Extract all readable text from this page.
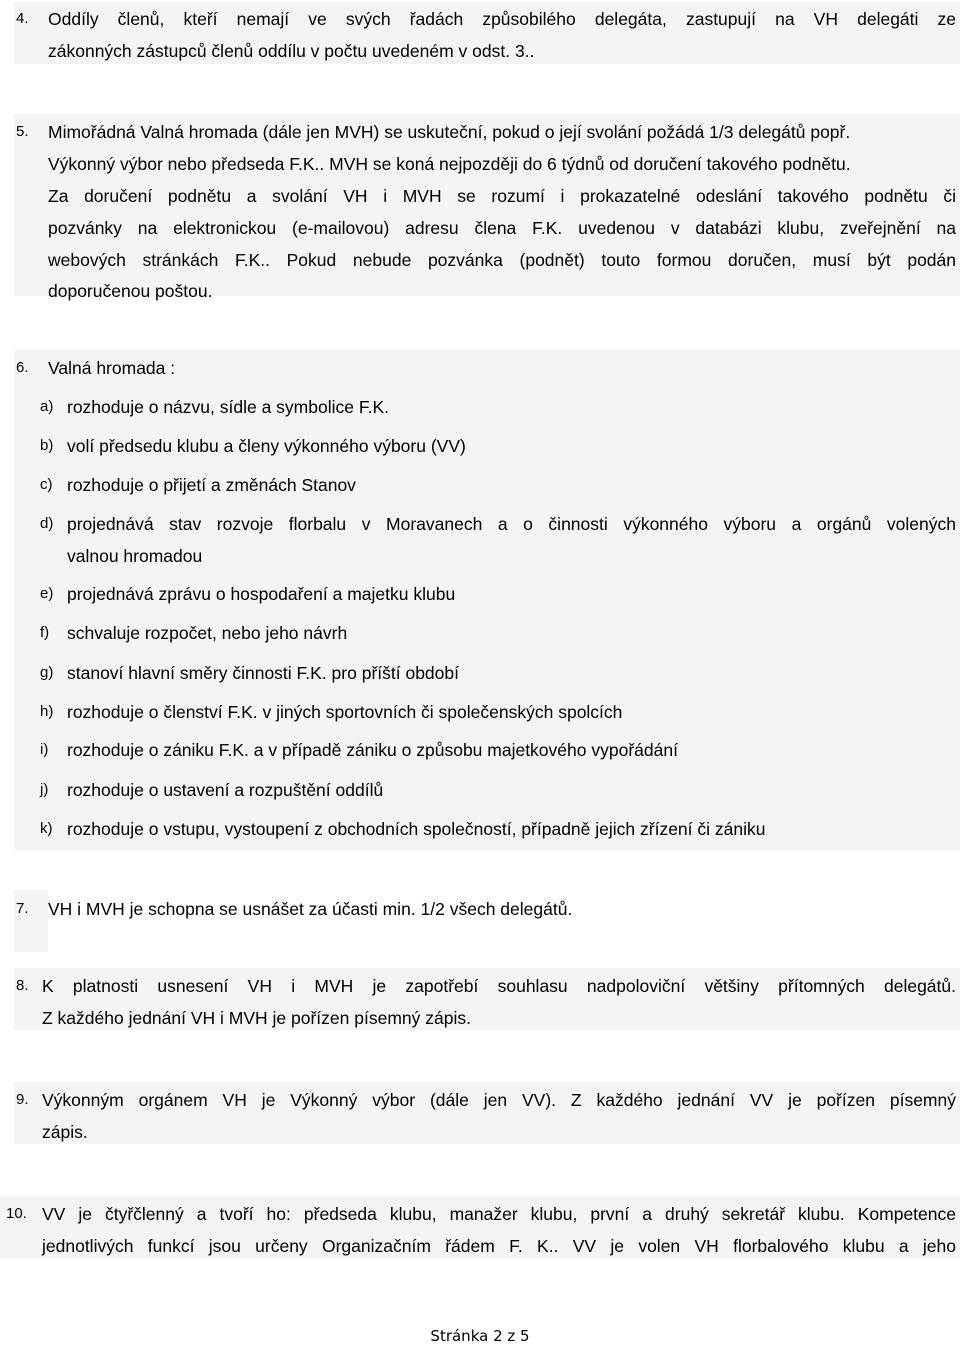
4. Oddíly členů, kteří nemají ve svých řadách způsobilého delegáta, zastupují na VH delegáti ze
zákonných zástupců členů oddílu v počtu uvedeném v odst. 3..
5. Mimořádná Valná hromada (dále jen MVH) se uskuteční, pokud o její svolání požádá 1/3 delegátů popř.
Výkonný výbor nebo předseda F.K.. MVH se koná nejpozději do 6 týdnů od doručení takového podnětu.
Za doručení podnětu a svolání VH i MVH se rozumí i prokazatelné odeslání takového podnětu či
pozvánky na elektronickou (e-mailovou) adresu člena F.K. uvedenou v databázi klubu, zveřejnění na
webových stránkách F.K.. Pokud nebude pozvánka (podnět) touto formou doručen, musí být podán
doporučenou poštou.
6. Valná hromada :
a) rozhoduje o názvu, sídle a symbolice F.K.
b) volí předsedu klubu a členy výkonného výboru (VV)
c) rozhoduje o přijetí a změnách Stanov
d) projednává stav rozvoje florbalu v Moravanech a o činnosti výkonného výboru a orgánů volených
valnou hromadou
e) projednává zprávu o hospodaření a majetku klubu
f) schvaluje rozpočet, nebo jeho návrh
g) stanoví hlavní směry činnosti F.K. pro příští období
h) rozhoduje o členství F.K. v jiných sportovních či společenských spolcích
i) rozhoduje o zániku F.K. a v případě zániku o způsobu majetkového vypořádání
j) rozhoduje o ustavení a rozpuštění oddílů
k) rozhoduje o vstupu, vystoupení z obchodních společností, případně jejich zřízení či zániku
7. VH i MVH je schopna se usnášet za účasti min. 1/2 všech delegátů.
8. K platnosti usnesení VH i MVH je zapotřebí souhlasu nadpoloviční většiny přítomných delegátů.
Z každého jednání VH i MVH je pořízen písemný zápis.
9. Výkonným orgánem VH je Výkonný výbor (dále jen VV). Z každého jednání VV je pořízen písemný
zápis.
10. VV je čtyřčlenný a tvoří ho: předseda klubu, manažer klubu, první a druhý sekretář klubu. Kompetence
jednotlivých funkcí jsou určeny Organizačním řádem F. K.. VV je volen VH florbalového klubu a jeho
Stránka 2 z 5
